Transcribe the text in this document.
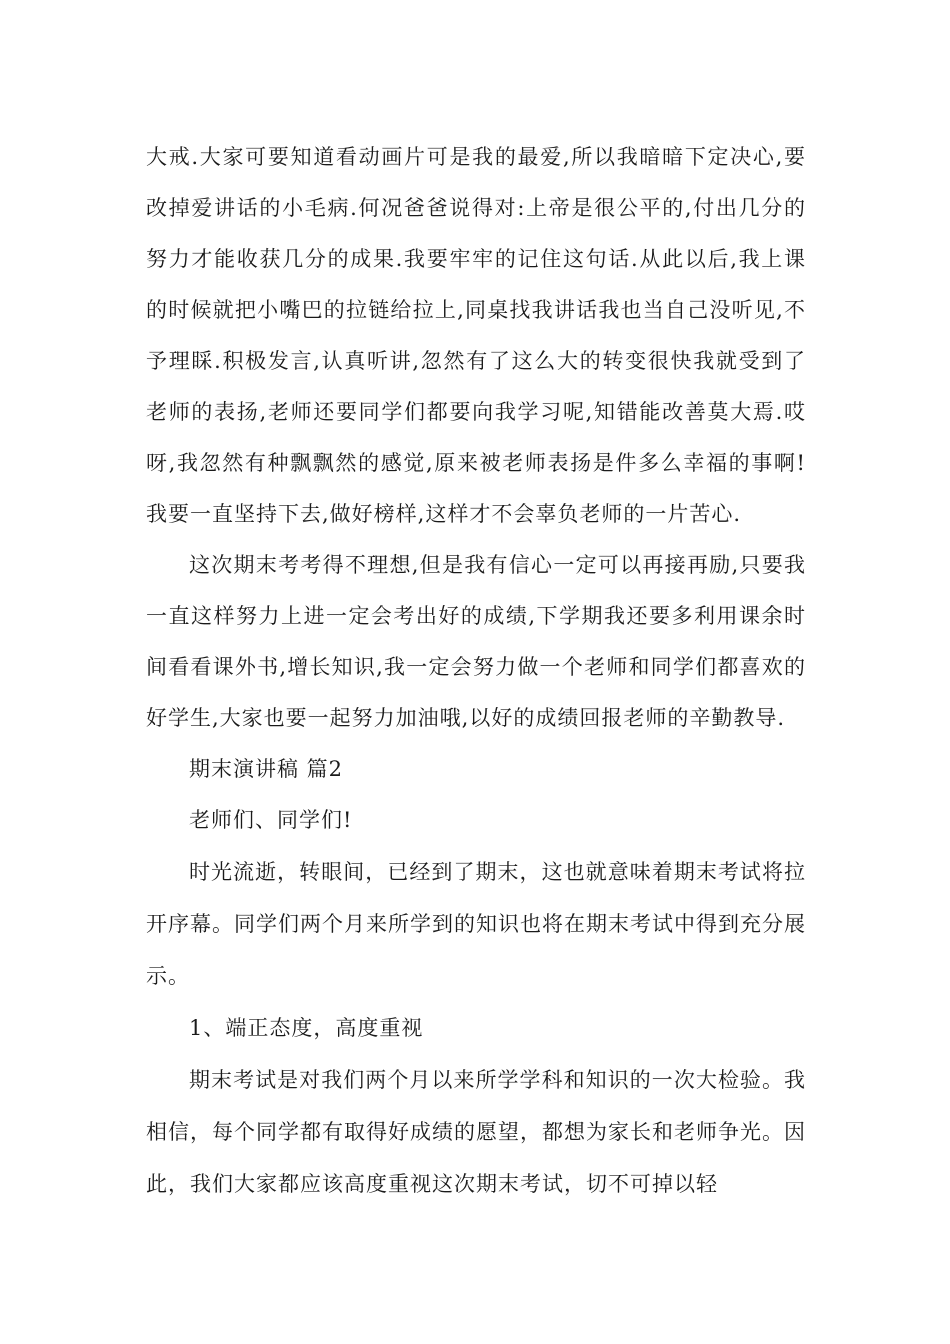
大戒.大家可要知道看动画片可是我的最爱,所以我暗暗下定决心,要改掉爱讲话的小毛病.何况爸爸说得对:上帝是很公平的,付出几分的努力才能收获几分的成果.我要牢牢的记住这句话.从此以后,我上课的时候就把小嘴巴的拉链给拉上,同桌找我讲话我也当自己没听见,不予理睬.积极发言,认真听讲,忽然有了这么大的转变很快我就受到了老师的表扬,老师还要同学们都要向我学习呢,知错能改善莫大焉.哎呀,我忽然有种飘飘然的感觉,原来被老师表扬是件多么幸福的事啊!我要一直坚持下去,做好榜样,这样才不会辜负老师的一片苦心.

这次期末考考得不理想,但是我有信心一定可以再接再励,只要我一直这样努力上进一定会考出好的成绩,下学期我还要多利用课余时间看看课外书,增长知识,我一定会努力做一个老师和同学们都喜欢的好学生,大家也要一起努力加油哦,以好的成绩回报老师的辛勤教导.

期末演讲稿 篇2

老师们、同学们!

时光流逝，转眼间，已经到了期末，这也就意味着期末考试将拉开序幕。同学们两个月来所学到的知识也将在期末考试中得到充分展示。

1、端正态度，高度重视

期末考试是对我们两个月以来所学学科和知识的一次大检验。我相信，每个同学都有取得好成绩的愿望，都想为家长和老师争光。因此，我们大家都应该高度重视这次期末考试，切不可掉以轻
